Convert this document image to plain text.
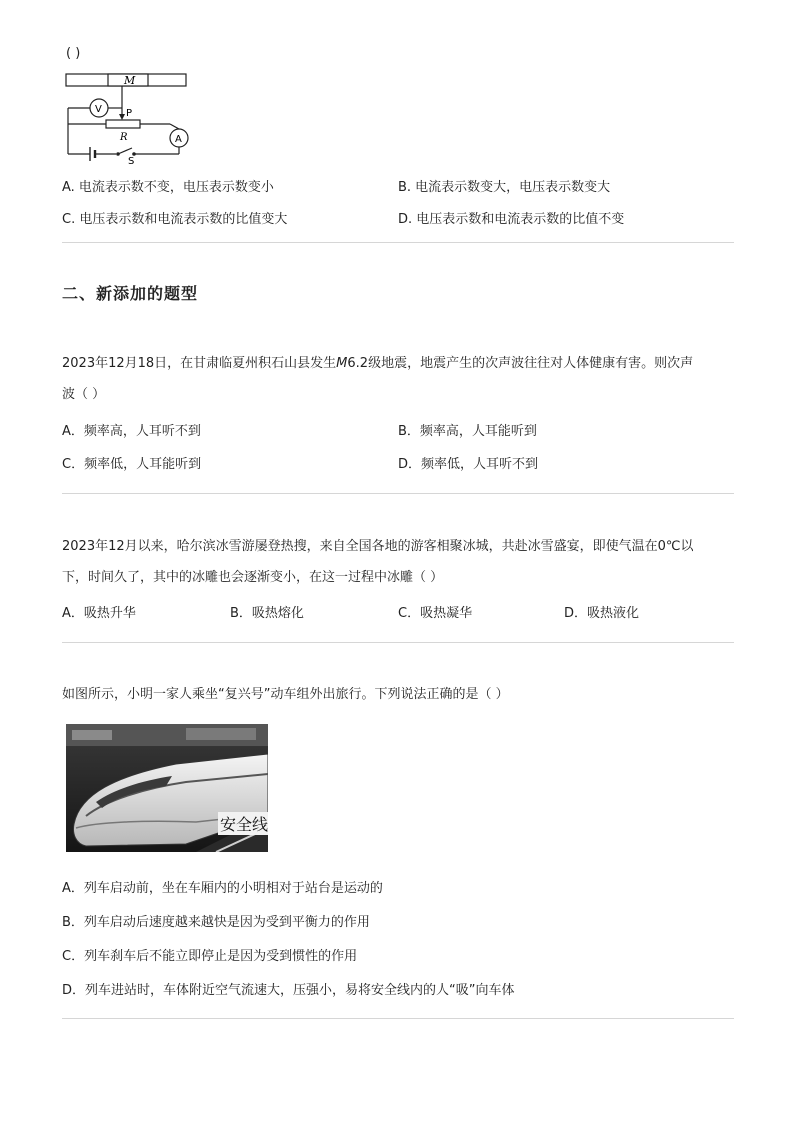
( )
M
P
V
R	A
S
A. 电流表示数不变，电压表示数变小	B. 电流表示数变大，电压表示数变大
C. 电压表示数和电流表示数的比值变大	D. 电压表示数和电流表示数的比值不变
二、新添加的题型
2023年12月18日，在甘肃临夏州积石山县发生M6.2级地震，地震产生的次声波往往对人体健康有害。则次声
波（ ）
A．频率高，人耳听不到	B．频率高，人耳能听到
C．频率低，人耳能听到	D．频率低，人耳听不到
2023年12月以来，哈尔滨冰雪游屡登热搜，来自全国各地的游客相聚冰城，共赴冰雪盛宴，即使气温在0℃以
下，时间久了，其中的冰雕也会逐渐变小，在这一过程中冰雕（ ）
A．吸热升华	B．吸热熔化	C．吸热凝华	D．吸热液化
如图所示，小明一家人乘坐“复兴号”动车组外出旅行。下列说法正确的是（ ）
安全线
A．列车启动前，坐在车厢内的小明相对于站台是运动的
B．列车启动后速度越来越快是因为受到平衡力的作用
C．列车刹车后不能立即停止是因为受到惯性的作用
D．列车进站时，车体附近空气流速大，压强小，易将安全线内的人“吸”向车体
